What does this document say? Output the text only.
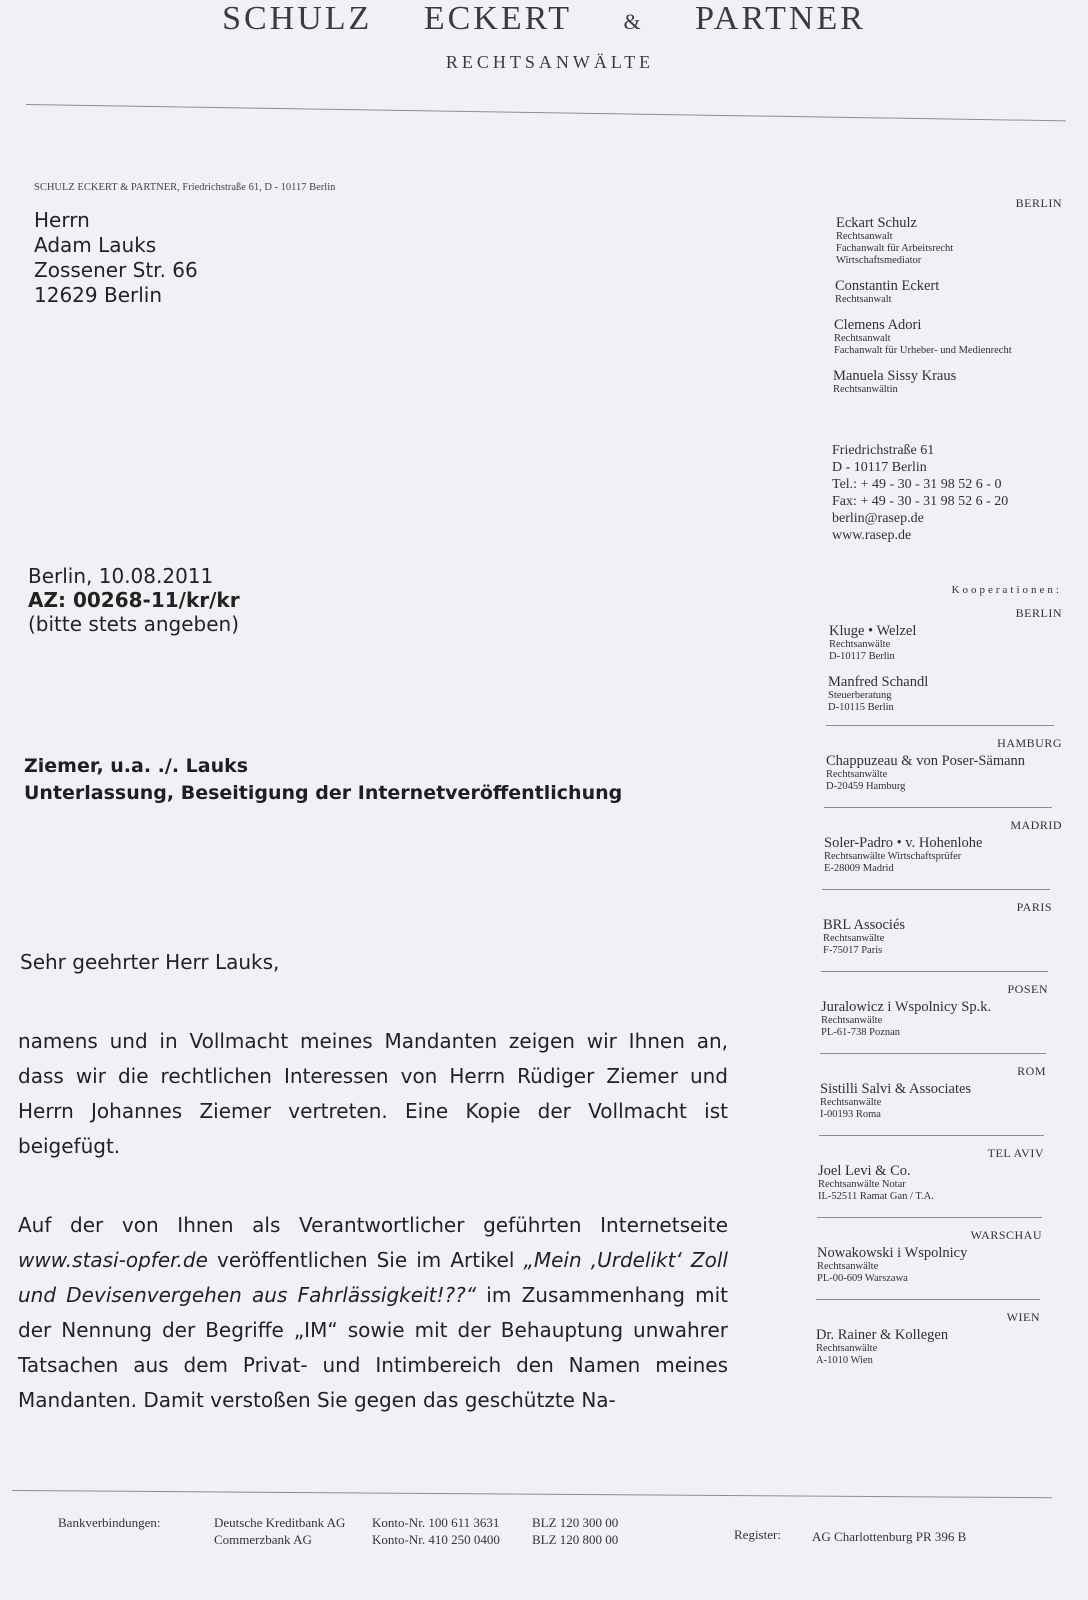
SCHULZ ECKERT & PARTNER
RECHTSANWÄLTE
SCHULZ ECKERT & PARTNER, Friedrichstraße 61, D - 10117 Berlin
Herrn
Adam Lauks
Zossener Str. 66
12629 Berlin
BERLIN
Eckart Schulz
Rechtsanwalt
Fachanwalt für Arbeitsrecht
Wirtschaftsmediator
Constantin Eckert
Rechtsanwalt
Clemens Adori
Rechtsanwalt
Fachanwalt für Urheber- und Medienrecht
Manuela Sissy Kraus
Rechtsanwältin
Friedrichstraße 61
D - 10117 Berlin
Tel.: + 49 - 30 - 31 98 52 6 - 0
Fax: + 49 - 30 - 31 98 52 6 - 20
berlin@rasep.de
www.rasep.de
Kooperationen:
BERLIN
Kluge • Welzel
Rechtsanwälte
D-10117 Berlin
Manfred Schandl
Steuerberatung
D-10115 Berlin
HAMBURG
Chappuzeau & von Poser-Sämann
Rechtsanwälte
D-20459 Hamburg
MADRID
Soler-Padro • v. Hohenlohe
Rechtsanwälte Wirtschaftsprüfer
E-28009 Madrid
PARIS
BRL Associés
Rechtsanwälte
F-75017 Paris
POSEN
Juralowicz i Wspolnicy Sp.k.
Rechtsanwälte
PL-61-738 Poznan
ROM
Sistilli Salvi & Associates
Rechtsanwälte
I-00193 Roma
TEL AVIV
Joel Levi & Co.
Rechtsanwälte Notar
IL-52511 Ramat Gan / T.A.
WARSCHAU
Nowakowski i Wspolnicy
Rechtsanwälte
PL-00-609 Warszawa
WIEN
Dr. Rainer & Kollegen
Rechtsanwälte
A-1010 Wien
Berlin, 10.08.2011
AZ: 00268-11/kr/kr
(bitte stets angeben)
Ziemer, u.a. ./. Lauks
Unterlassung, Beseitigung der Internetveröffentlichung
Sehr geehrter Herr Lauks,
namens und in Vollmacht meines Mandanten zeigen wir Ihnen an, dass wir die rechtlichen Interessen von Herrn Rüdiger Ziemer und Herrn Johannes Ziemer vertreten. Eine Kopie der Vollmacht ist beigefügt.
Auf der von Ihnen als Verantwortlicher geführten Internetseite www.stasi-opfer.de veröffentlichen Sie im Artikel „Mein ‚Urdelikt‘ Zoll und Devisenvergehen aus Fahrlässigkeit!??“ im Zusammenhang mit der Nennung der Begriffe „IM“ sowie mit der Behauptung unwahrer Tatsachen aus dem Privat- und Intimbereich den Namen meines Mandanten. Damit verstoßen Sie gegen das geschützte Na-
Bankverbindungen:	Deutsche Kreditbank AG
Commerzbank AG
Konto-Nr. 100 611 3631
Konto-Nr. 410 250 0400
BLZ 120 300 00
BLZ 120 800 00	Register: AG Charlottenburg PR 396 B
